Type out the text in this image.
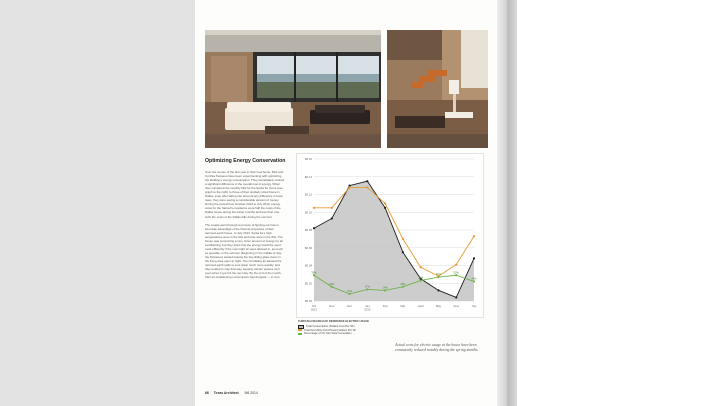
Optimizing Energy Conservation

Over the course of the first year in their new home, Rick and Cynthia Tarcasso have been experimenting with optimizing the building's energy consumption. They immediately noticed a significant difference in the overall cost of energy. When they compared the monthly bills for the Santa Fe home (see graph to the right) to those of their similarly sized home in Dallas, even after taking into account any difference in local rates, they were saving a considerable amount of money. During the period from October 2012 to July 2013, energy costs for the Santa Fe residence were half the costs of the Dallas house during the winter months and less than one-sixth the costs of the Dallas bills during the summer.

The couple went through a process of figuring out how to best take advantage of the thermal properties of their rammed-earth house. In July 2013, Santa Fe's high temperatures were in the 90s and lows were in the 60s. The house was consuming a very minor amount of energy for air conditioning, but they knew that the energy would be used most efficiently if the cool night air were allowed in, as much as possible, in the summer. Beginning in the middle of July, the Tarcassos started leaving the big sliding glass doors in the living area open at night. The circulating air allowed the rammed-earth walls to cool down much more quickly, and they tended to stay that way, keeping interior spaces cool even when it got hot the next day. By the end of the month, their air-conditioning consumption had dropped — to zero.

$0.00
$0.02
$0.04
$0.06
$0.08
$0.10
$0.12
$0.14
$0.16
Oct
2012
Nov	Dec	Jan
2013
Feb	Mar	April	May	June	July
39%
22%
12%
17%	14%
18%
33%
42%
53%
40%
THROUGH SEARCH OF RESIDENCE ELECTRIC USAGE
Total Consumption (Dollars Cost Per SF)
Total Net Utility (Grid Power) Dollars Per SF
Percentage of On-Site Solar Generation
Actual costs for electric usage at the house have been consistently reduced notably during the spring months.
66 Texas Architect 5/6 2014
